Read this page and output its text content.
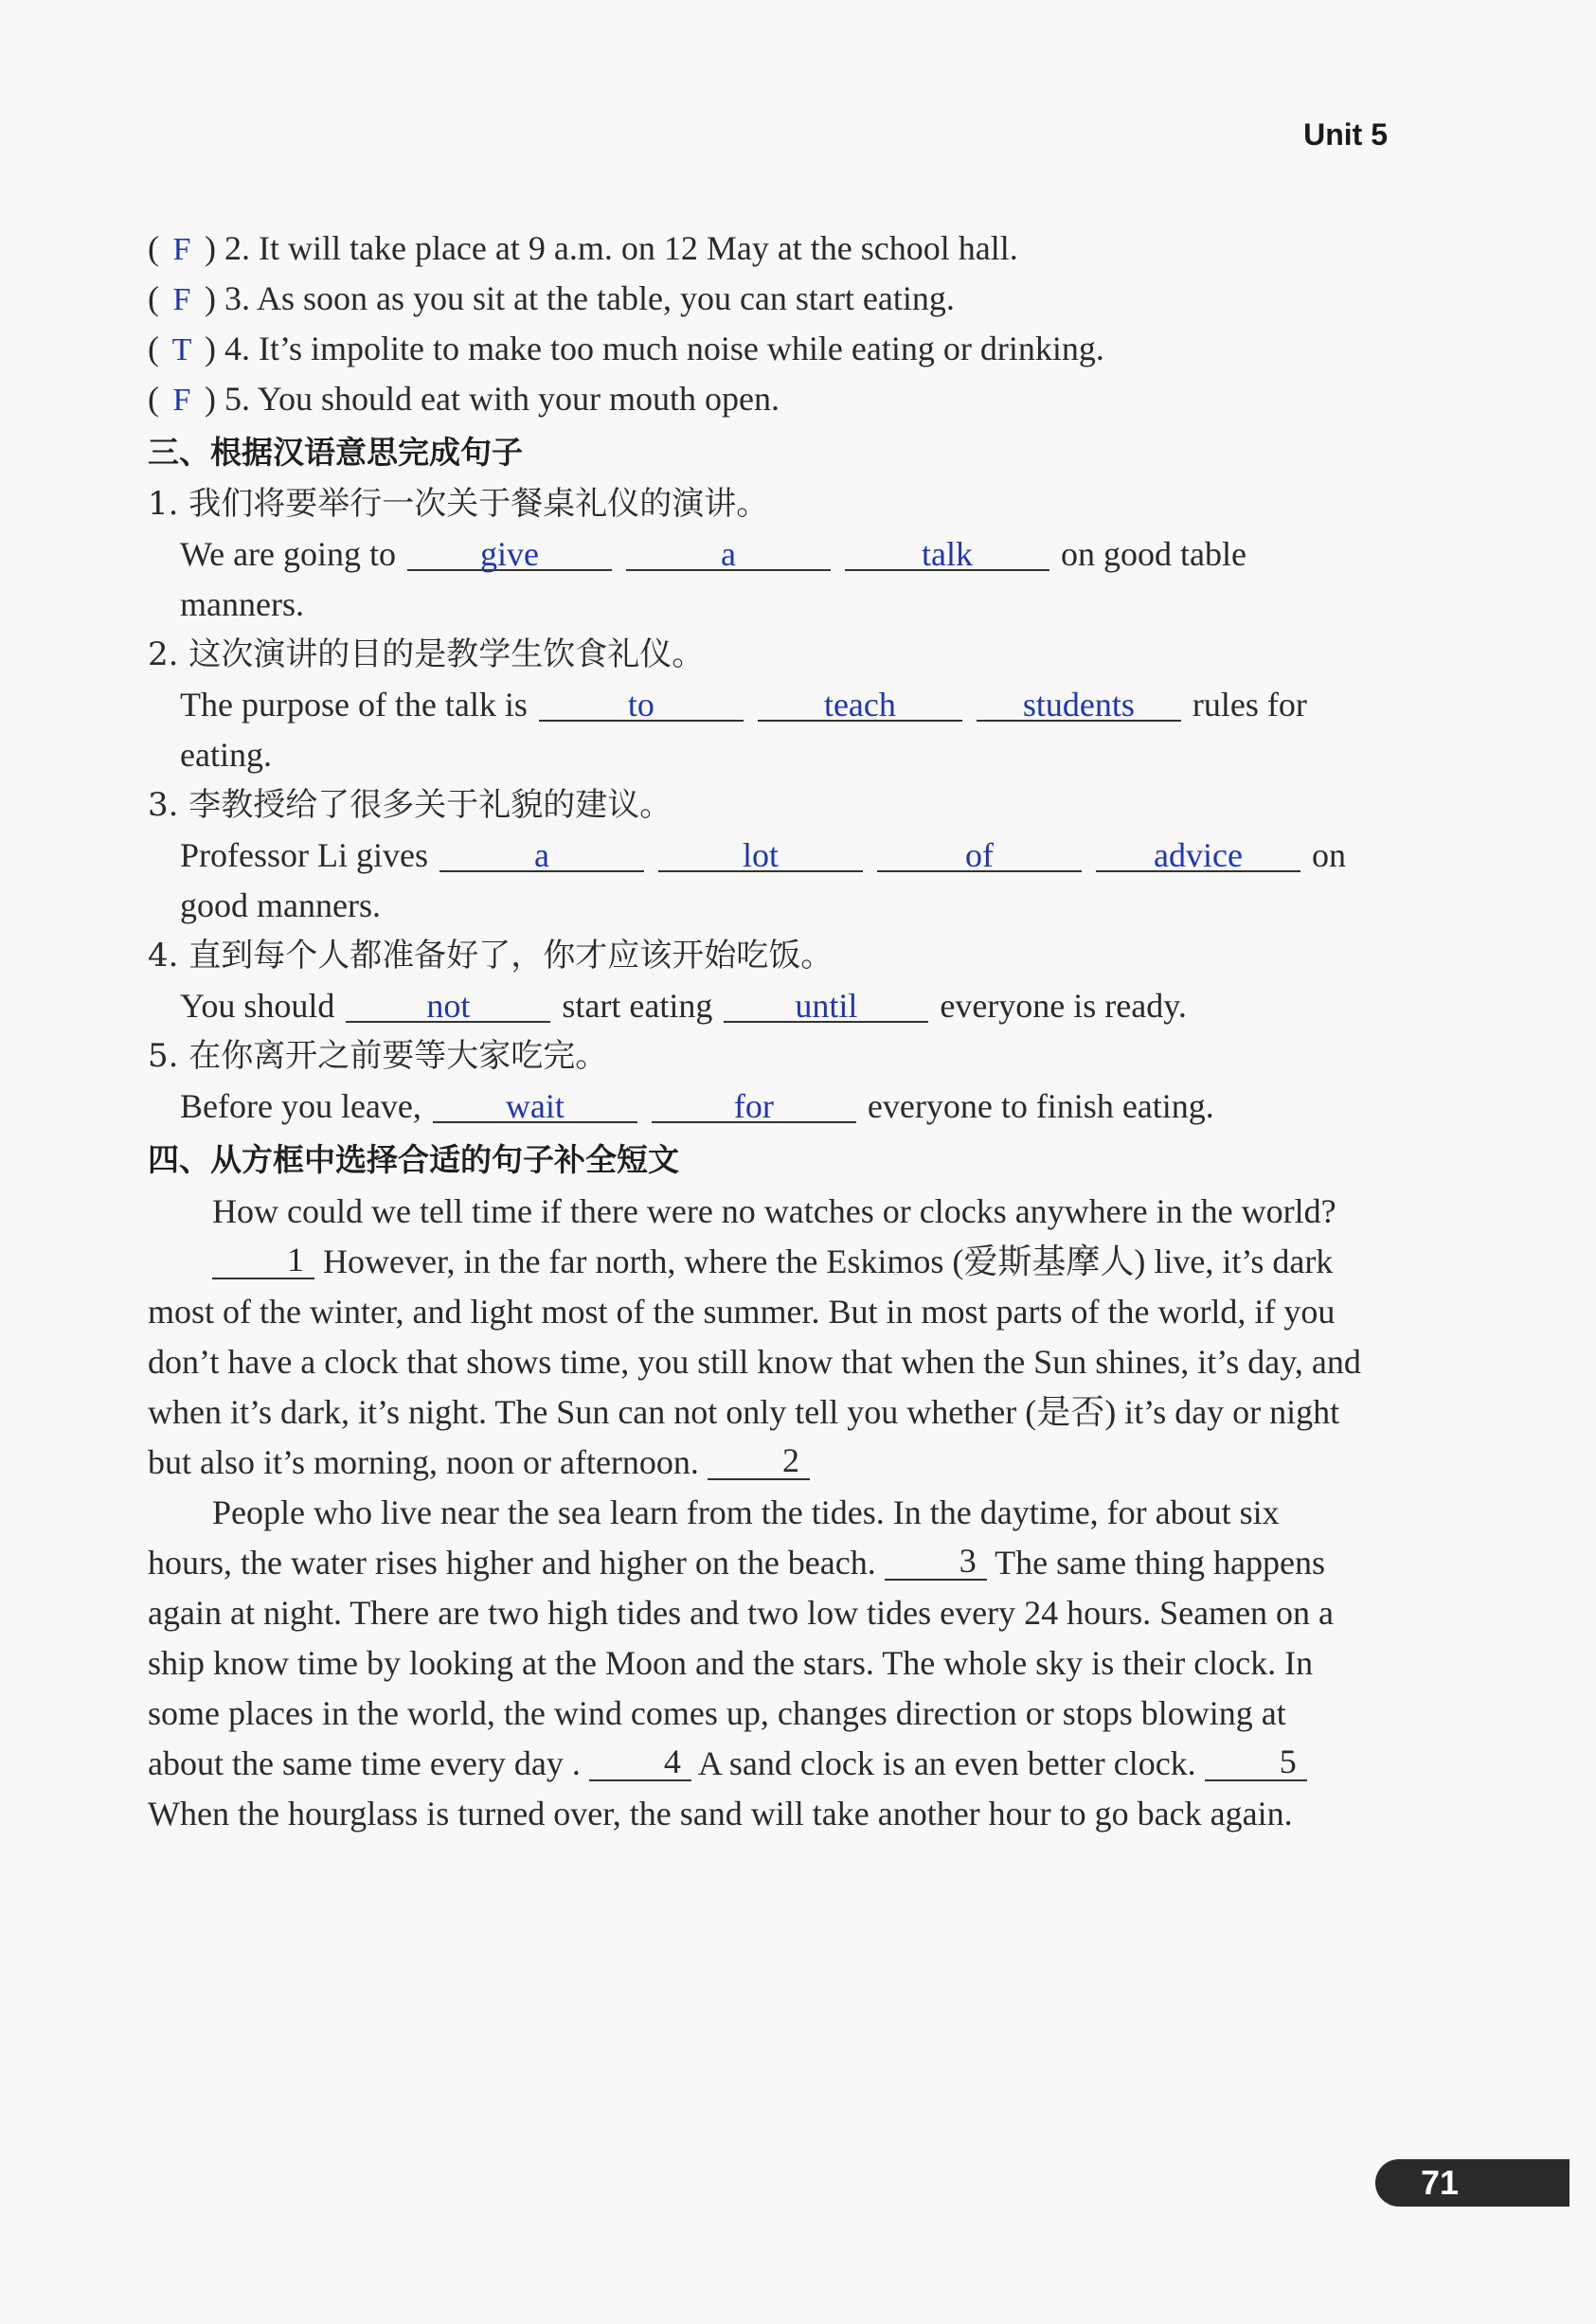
Unit 5
( F ) 2. It will take place at 9 a.m. on 12 May at the school hall.
( F ) 3. As soon as you sit at the table, you can start eating.
( T ) 4. It’s impolite to make too much noise while eating or drinking.
( F ) 5. You should eat with your mouth open.
三、根据汉语意思完成句子
1. 我们将要举行一次关于餐桌礼仪的演讲。
We are going to give	a	talk	on good table
manners.
2. 这次演讲的目的是教学生饮食礼仪。
The purpose of the talk is	to	teach	students rules for
eating.
3. 李教授给了很多关于礼貌的建议。
Professor Li gives	a	lot	of	advice on
good manners.
4. 直到每个人都准备好了，你才应该开始吃饭。
You should	not	start eating until everyone is ready.
5. 在你离开之前要等大家吃完。
Before you leave, wait	for	everyone to finish eating.
四、从方框中选择合适的句子补全短文
How could we tell time if there were no watches or clocks anywhere in the world?
1 However, in the far north, where the Eskimos (爱斯基摩人) live, it’s dark most of the winter, and light most of the summer. But in most parts of the world, if you don’t have a clock that shows time, you still know that when the Sun shines, it’s day, and when it’s dark, it’s night. The Sun can not only tell you whether (是否) it’s day or night but also it’s morning, noon or afternoon. 2
People who live near the sea learn from the tides. In the daytime, for about six hours, the water rises higher and higher on the beach. 3 The same thing happens again at night. There are two high tides and two low tides every 24 hours. Seamen on a ship know time by looking at the Moon and the stars. The whole sky is their clock. In some places in the world, the wind comes up, changes direction or stops blowing at about the same time every day . 4 A sand clock is an even better clock. 5 When the hourglass is turned over, the sand will take another hour to go back again.
71
